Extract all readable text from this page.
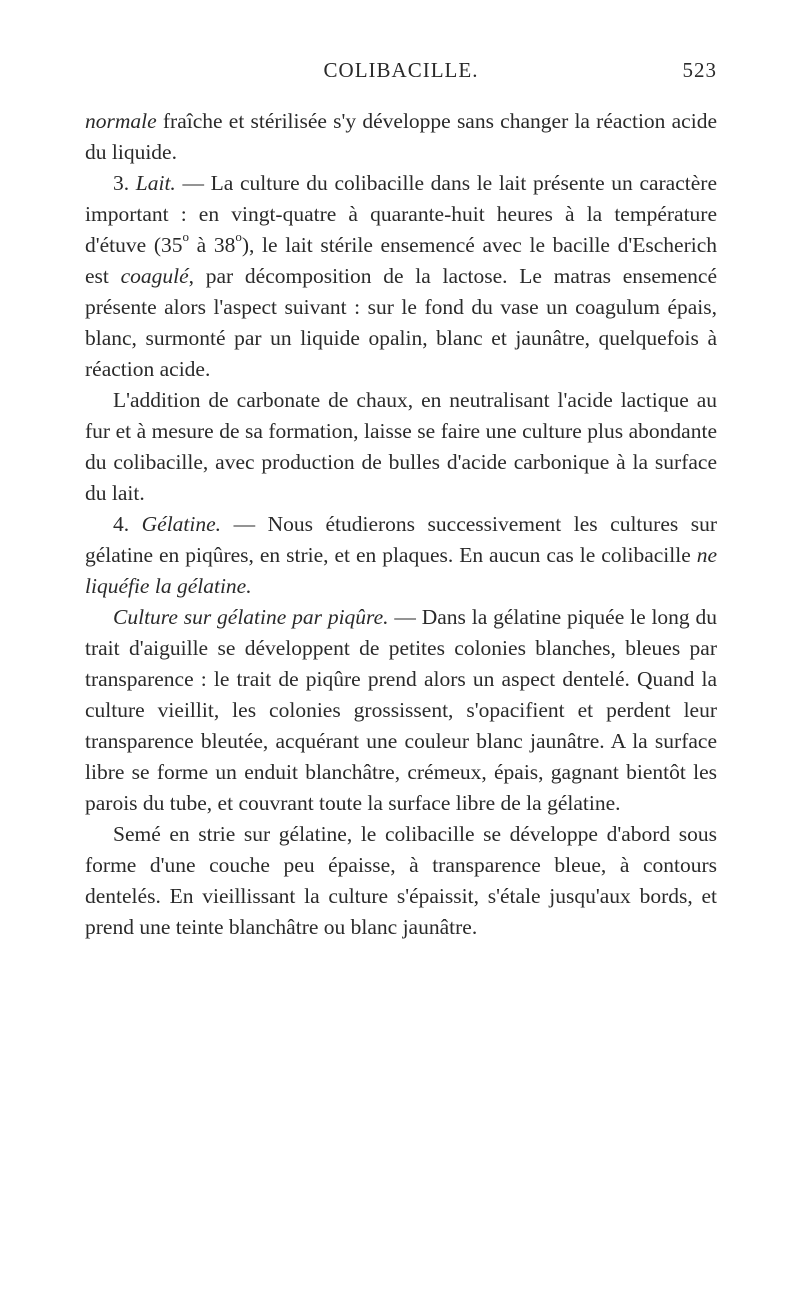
COLIBACILLE.	523

normale fraîche et stérilisée s'y développe sans changer la réaction acide du liquide.

3. Lait. — La culture du colibacille dans le lait présente un caractère important : en vingt-quatre à quarante-huit heures à la température d'étuve (35$^o$ à 38$^o$), le lait stérile ensemencé avec le bacille d'Escherich est coagulé, par décomposition de la lactose. Le matras ensemencé présente alors l'aspect suivant : sur le fond du vase un coagulum épais, blanc, surmonté par un liquide opalin, blanc et jaunâtre, quelquefois à réaction acide.

L'addition de carbonate de chaux, en neutralisant l'acide lactique au fur et à mesure de sa formation, laisse se faire une culture plus abondante du colibacille, avec production de bulles d'acide carbonique à la surface du lait.

4. Gélatine. — Nous étudierons successivement les cultures sur gélatine en piqûres, en strie, et en plaques. En aucun cas le colibacille ne liquéfie la gélatine.

Culture sur gélatine par piqûre. — Dans la gélatine piquée le long du trait d'aiguille se développent de petites colonies blanches, bleues par transparence : le trait de piqûre prend alors un aspect dentelé. Quand la culture vieillit, les colonies grossissent, s'opacifient et perdent leur transparence bleutée, acquérant une couleur blanc jaunâtre. A la surface libre se forme un enduit blanchâtre, crémeux, épais, gagnant bientôt les parois du tube, et couvrant toute la surface libre de la gélatine.

Semé en strie sur gélatine, le colibacille se développe d'abord sous forme d'une couche peu épaisse, à transparence bleue, à contours dentelés. En vieillissant la culture s'épaissit, s'étale jusqu'aux bords, et prend une teinte blanchâtre ou blanc jaunâtre.
